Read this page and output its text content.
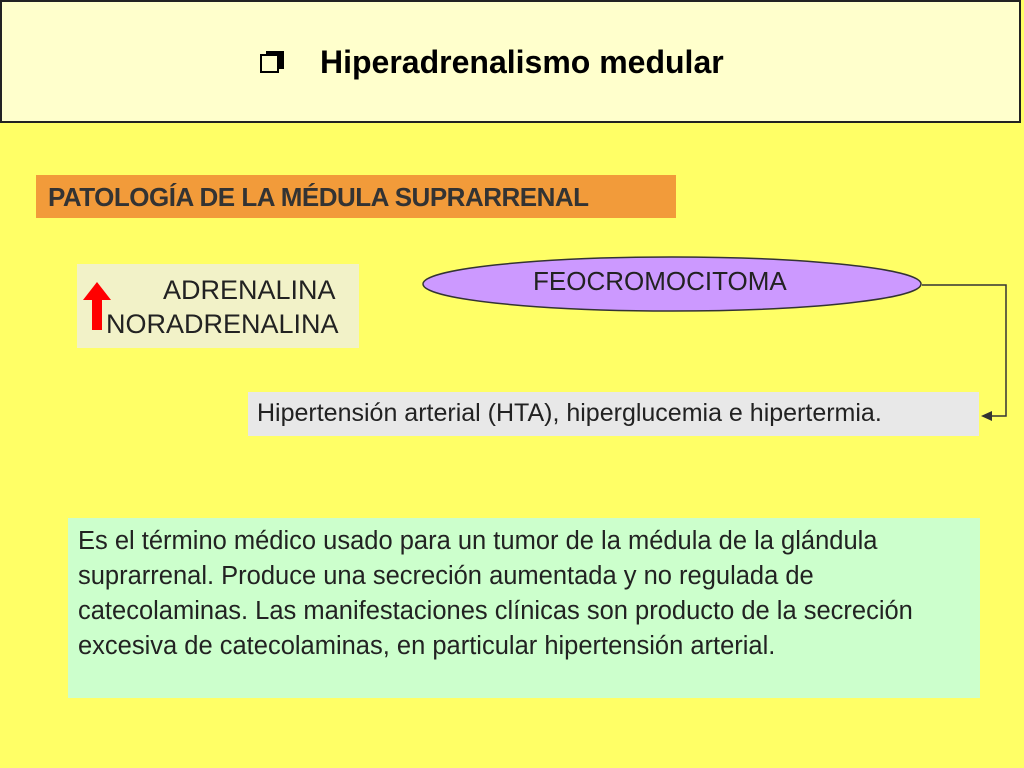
Hiperadrenalismo medular
PATOLOGÍA DE LA MÉDULA SUPRARRENAL
ADRENALINA
NORADRENALINA
FEOCROMOCITOMA
Hipertensión arterial (HTA), hiperglucemia e hipertermia.

Es el término médico usado para un tumor de la médula de la glándula suprarrenal. Produce una secreción aumentada y no regulada de catecolaminas. Las manifestaciones clínicas son producto de la secreción excesiva de catecolaminas, en particular hipertensión arterial.
